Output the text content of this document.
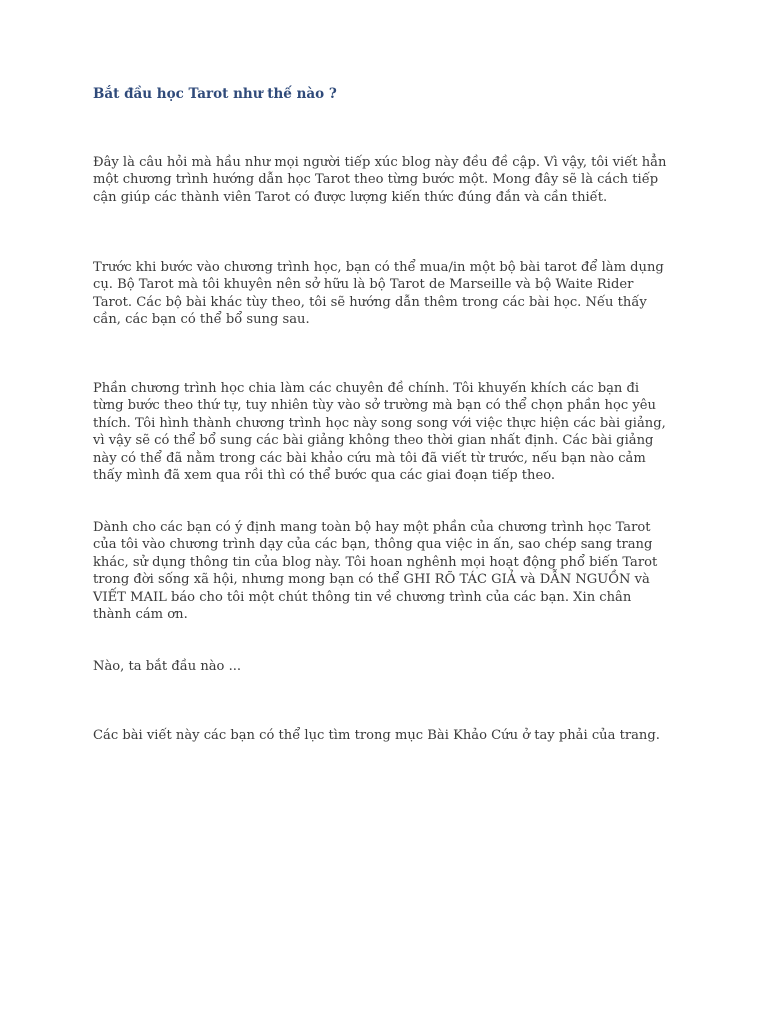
Bắt đầu học Tarot như thế nào ?

Đây là câu hỏi mà hầu như mọi người tiếp xúc blog này đều đề cập. Vì vậy, tôi viết hẳn
một chương trình hướng dẫn học Tarot theo từng bước một. Mong đây sẽ là cách tiếp
cận giúp các thành viên Tarot có được lượng kiến thức đúng đắn và cần thiết.

Trước khi bước vào chương trình học, bạn có thể mua/in một bộ bài tarot để làm dụng
cụ. Bộ Tarot mà tôi khuyên nên sở hữu là bộ Tarot de Marseille và bộ Waite Rider
Tarot. Các bộ bài khác tùy theo, tôi sẽ hướng dẫn thêm trong các bài học. Nếu thấy
cần, các bạn có thể bổ sung sau.

Phần chương trình học chia làm các chuyên đề chính. Tôi khuyến khích các bạn đi
từng bước theo thứ tự, tuy nhiên tùy vào sở trường mà bạn có thể chọn phần học yêu
thích. Tôi hình thành chương trình học này song song với việc thực hiện các bài giảng,
vì vậy sẽ có thể bổ sung các bài giảng không theo thời gian nhất định. Các bài giảng
này có thể đã nằm trong các bài khảo cứu mà tôi đã viết từ trước, nếu bạn nào cảm
thấy mình đã xem qua rồi thì có thể bước qua các giai đoạn tiếp theo.

Dành cho các bạn có ý định mang toàn bộ hay một phần của chương trình học Tarot
của tôi vào chương trình dạy của các bạn, thông qua việc in ấn, sao chép sang trang
khác, sử dụng thông tin của blog này. Tôi hoan nghênh mọi hoạt động phổ biến Tarot
trong đời sống xã hội, nhưng mong bạn có thể GHI RÕ TÁC GIẢ và DẪN NGUỒN và
VIẾT MAIL báo cho tôi một chút thông tin về chương trình của các bạn. Xin chân
thành cám ơn.

Nào, ta bắt đầu nào ...

Các bài viết này các bạn có thể lục tìm trong mục Bài Khảo Cứu ở tay phải của trang.
